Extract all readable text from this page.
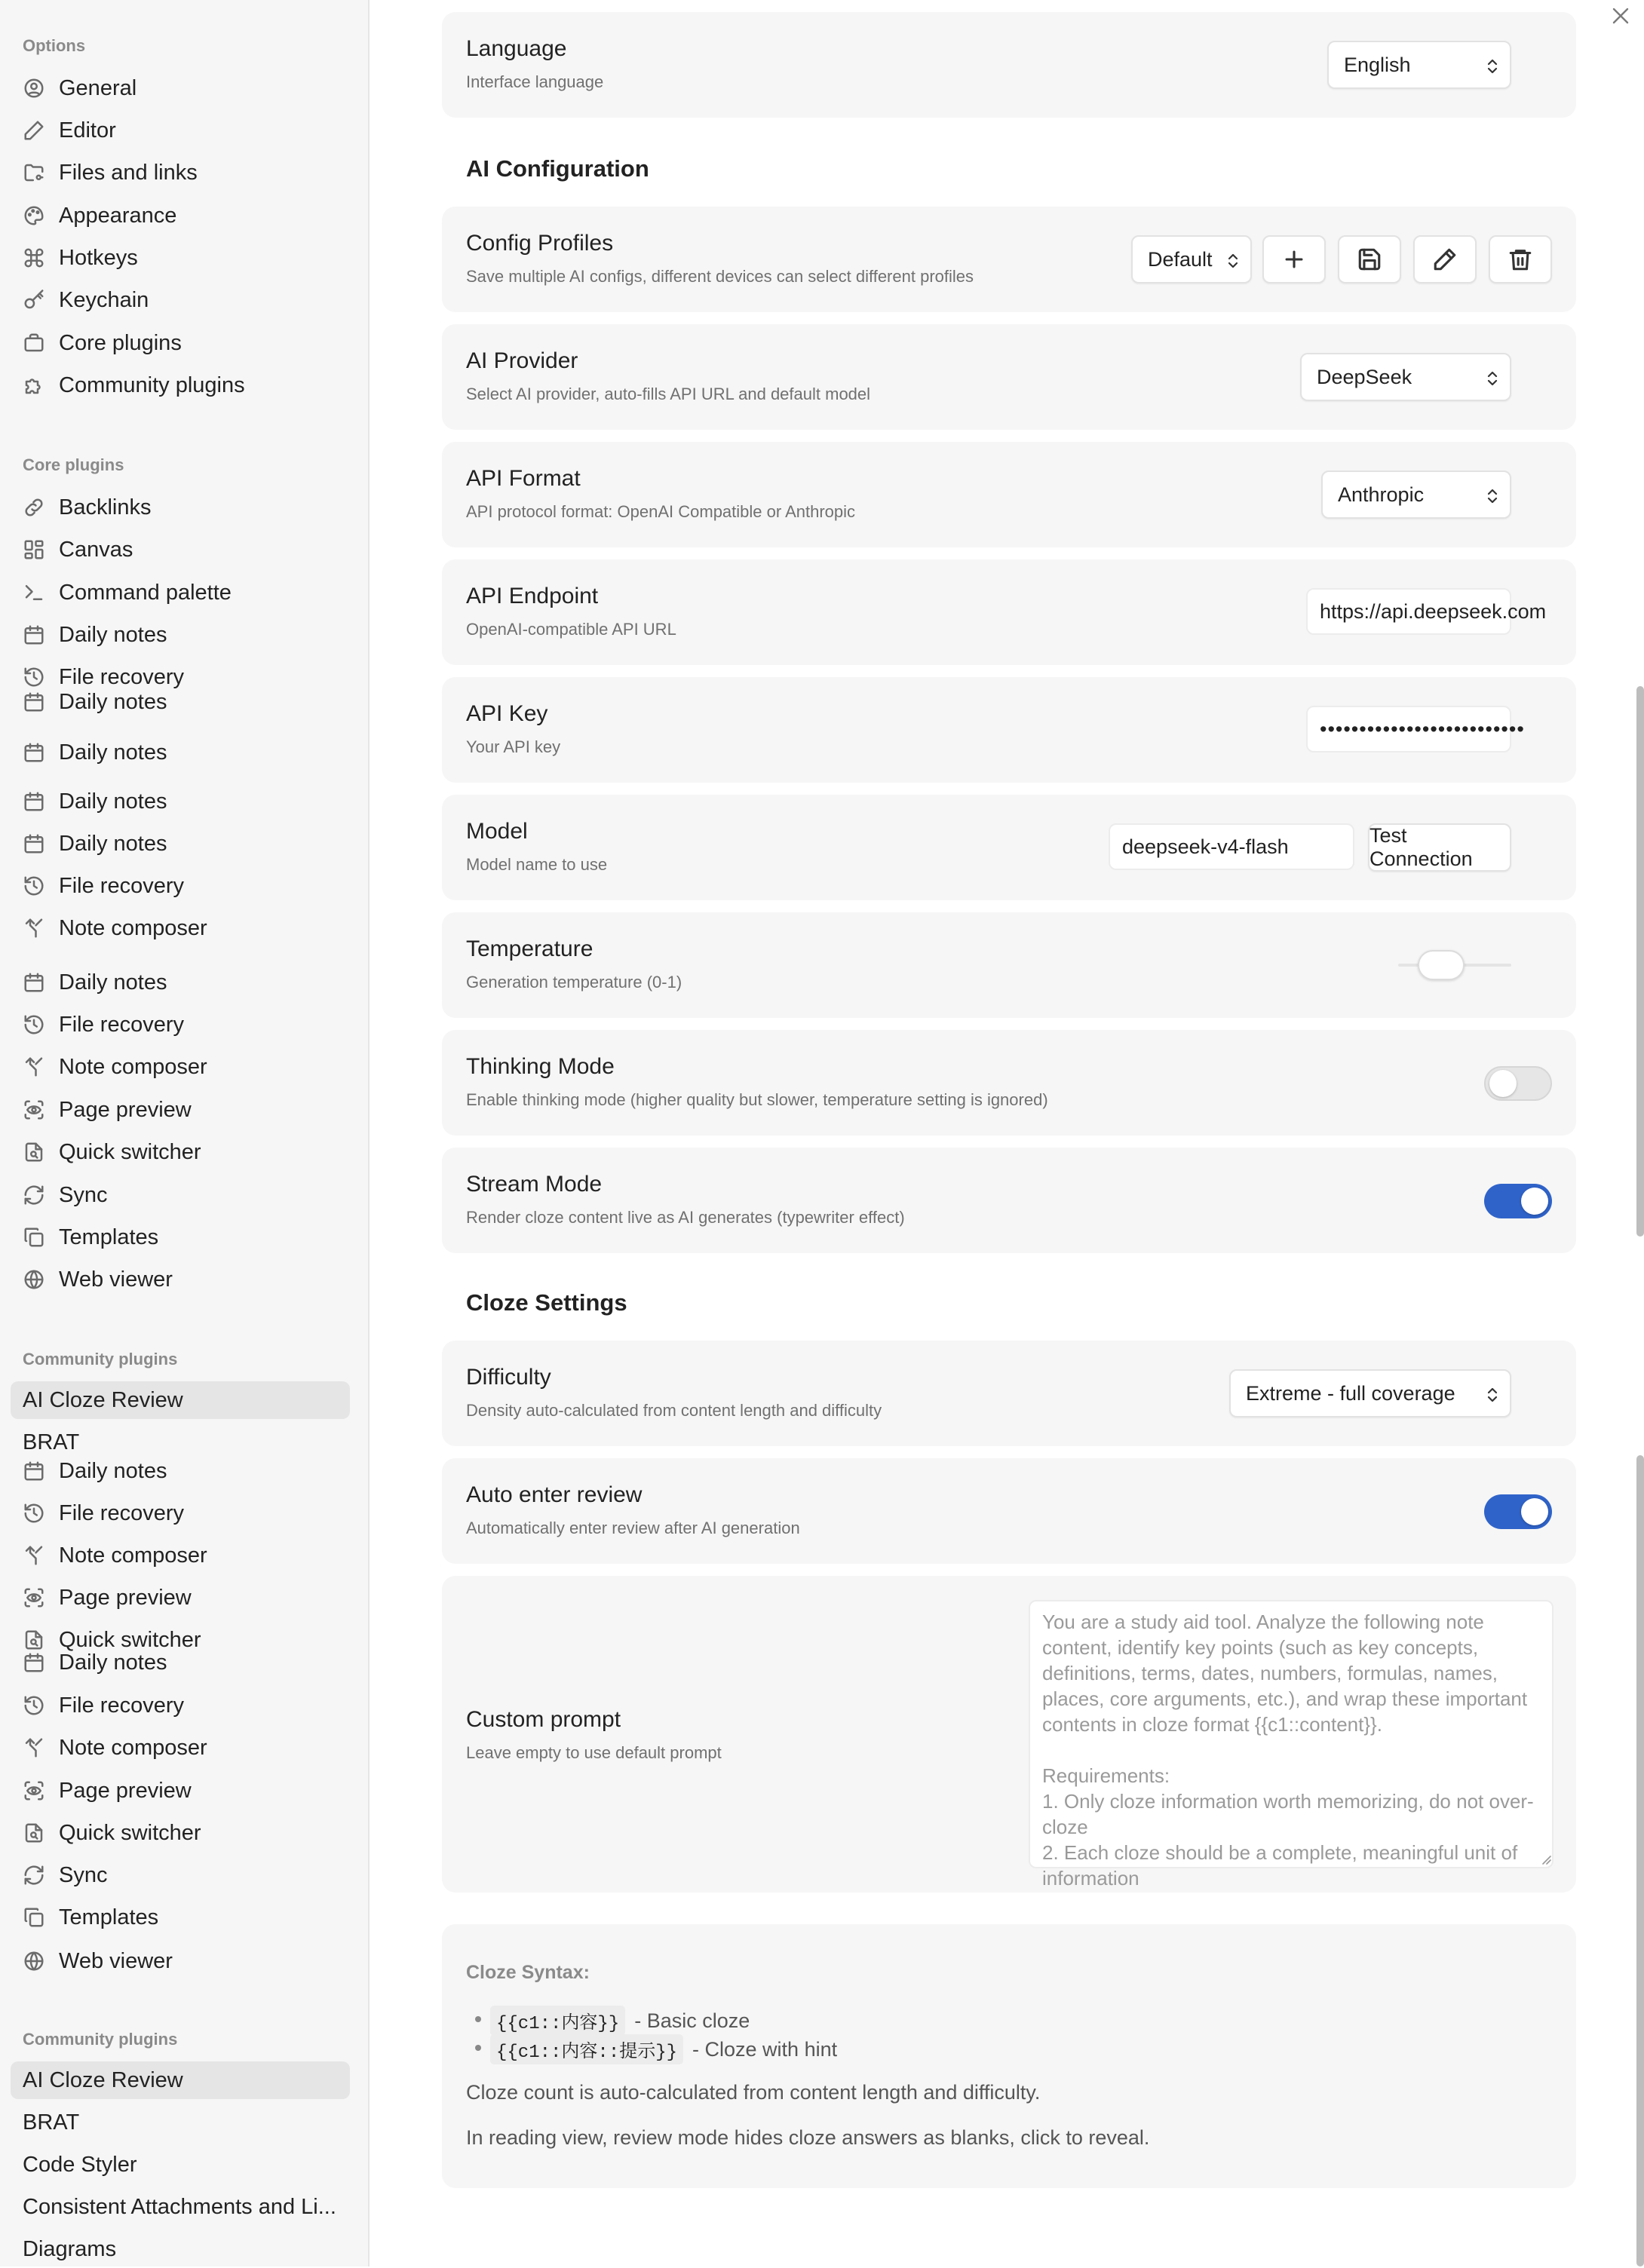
Options
General
Editor
Files and links
Appearance
Hotkeys
Keychain
Core plugins
Community plugins
Core plugins
Backlinks
Canvas
Command palette
Daily notes
File recovery
Daily notes
Daily notes
Daily notes
Daily notes
File recovery
Note composer
Daily notes
File recovery
Note composer
Page preview
Quick switcher
Sync
Templates
Web viewer
Community plugins
AI Cloze Review
BRAT
Daily notes
File recovery
Note composer
Page preview
Quick switcher
Daily notes
File recovery
Note composer
Page preview
Quick switcher
Sync
Templates
Web viewer
Community plugins
AI Cloze Review
BRAT
Code Styler
Consistent Attachments and Li...
Diagrams
Language
Interface language
English
AI Configuration
Config Profiles
Save multiple AI configs, different devices can select different profiles
Default
AI Provider
Select AI provider, auto-fills API URL and default model
DeepSeek
API Format
API protocol format: OpenAI Compatible or Anthropic
Anthropic
API Endpoint
OpenAI-compatible API URL
https://api.deepseek.com
API Key
Your API key
••••••••••••••••••••••••••
Model
Model name to use
deepseek-v4-flash	Test Connection
Temperature
Generation temperature (0-1)
Thinking Mode
Enable thinking mode (higher quality but slower, temperature setting is ignored)
Stream Mode
Render cloze content live as AI generates (typewriter effect)
Cloze Settings
Difficulty
Density auto-calculated from content length and difficulty
Extreme - full coverage
Auto enter review
Automatically enter review after AI generation
Custom prompt
Leave empty to use default prompt
You are a study aid tool. Analyze the following note content, identify key points (such as key concepts, definitions, terms, dates, numbers, formulas, names, places, core arguments, etc.), and wrap these important contents in cloze format {{c1::content}}.

Requirements:
1. Only cloze information worth memorizing, do not over-cloze
2. Each cloze should be a complete, meaningful unit of information
Cloze Syntax:
{{c1::内容}} - Basic cloze
{{c1::内容::提示}} - Cloze with hint
Cloze count is auto-calculated from content length and difficulty.
In reading view, review mode hides cloze answers as blanks, click to reveal.
